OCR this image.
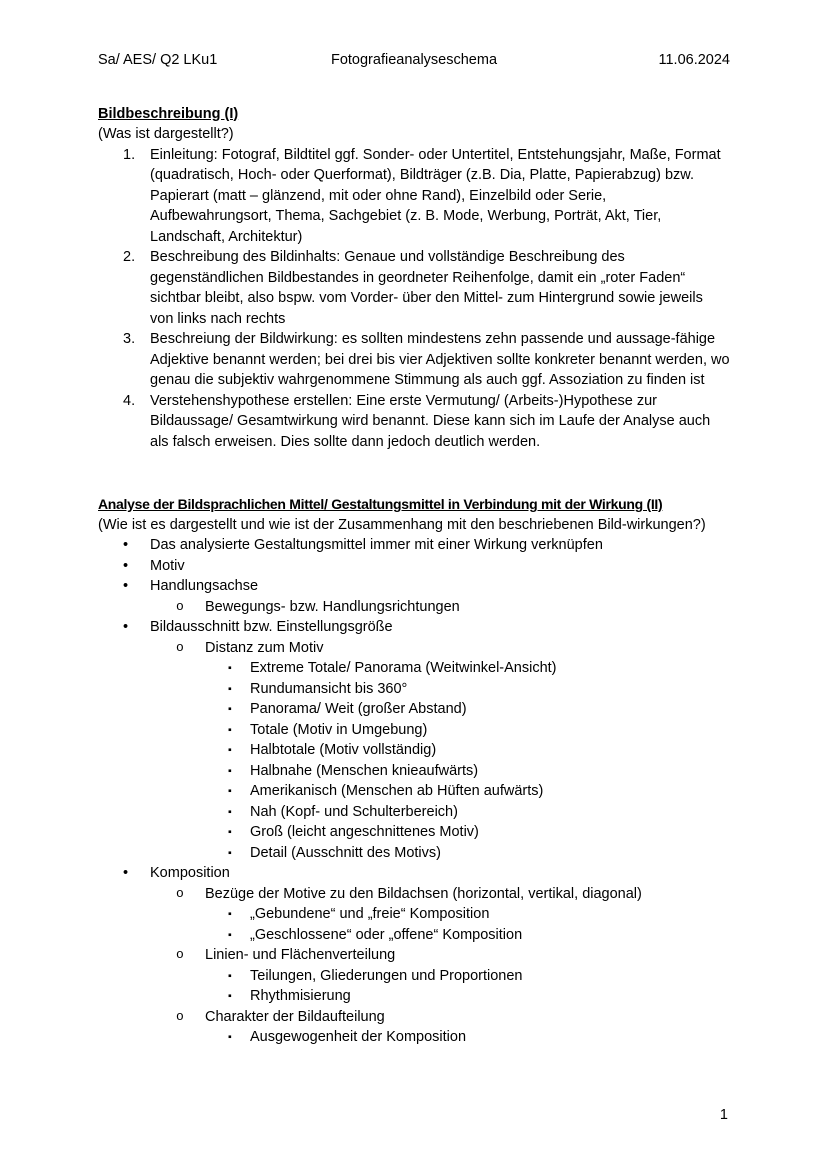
Sa/ AES/ Q2 LKu1	Fotografieanalyseschema	11.06.2024
Bildbeschreibung (I)
(Was ist dargestellt?)
1.	Einleitung: Fotograf, Bildtitel ggf. Sonder- oder Untertitel, Entstehungsjahr, Maße, Format (quadratisch, Hoch- oder Querformat), Bildträger (z.B. Dia, Platte, Papierabzug) bzw. Papierart (matt – glänzend, mit oder ohne Rand), Einzelbild oder Serie, Aufbewahrungsort, Thema, Sachgebiet (z. B. Mode, Werbung, Porträt, Akt, Tier, Landschaft, Architektur)
2.	Beschreibung des Bildinhalts: Genaue und vollständige Beschreibung des gegenständlichen Bildbestandes in geordneter Reihenfolge, damit ein „roter Faden“ sichtbar bleibt, also bspw. vom Vorder- über den Mittel- zum Hintergrund sowie jeweils von links nach rechts
3.	Beschreiung der Bildwirkung: es sollten mindestens zehn passende und aussage-fähige Adjektive benannt werden; bei drei bis vier Adjektiven sollte konkreter benannt werden, wo genau die subjektiv wahrgenommene Stimmung als auch ggf. Assoziation zu finden ist
4.	Verstehenshypothese erstellen: Eine erste Vermutung/ (Arbeits-)Hypothese zur Bildaussage/ Gesamtwirkung wird benannt. Diese kann sich im Laufe der Analyse auch als falsch erweisen. Dies sollte dann jedoch deutlich werden.
Analyse der Bildsprachlichen Mittel/ Gestaltungsmittel in Verbindung mit der Wirkung (II)
(Wie ist es dargestellt und wie ist der Zusammenhang mit den beschriebenen Bild-wirkungen?)
•	Das analysierte Gestaltungsmittel immer mit einer Wirkung verknüpfen
•	Motiv
•	Handlungsachse
o	Bewegungs- bzw. Handlungsrichtungen
•	Bildausschnitt bzw. Einstellungsgröße
o	Distanz zum Motiv
▪	Extreme Totale/ Panorama (Weitwinkel-Ansicht)
▪	Rundumansicht bis 360°
▪	Panorama/ Weit (großer Abstand)
▪	Totale (Motiv in Umgebung)
▪	Halbtotale (Motiv vollständig)
▪	Halbnahe (Menschen knieaufwärts)
▪	Amerikanisch (Menschen ab Hüften aufwärts)
▪	Nah (Kopf- und Schulterbereich)
▪	Groß (leicht angeschnittenes Motiv)
▪	Detail (Ausschnitt des Motivs)
•	Komposition
o	Bezüge der Motive zu den Bildachsen (horizontal, vertikal, diagonal)
▪	„Gebundene“ und „freie“ Komposition
▪	„Geschlossene“ oder „offene“ Komposition
o	Linien- und Flächenverteilung
▪	Teilungen, Gliederungen und Proportionen
▪	Rhythmisierung
o	Charakter der Bildaufteilung
▪	Ausgewogenheit der Komposition
1
